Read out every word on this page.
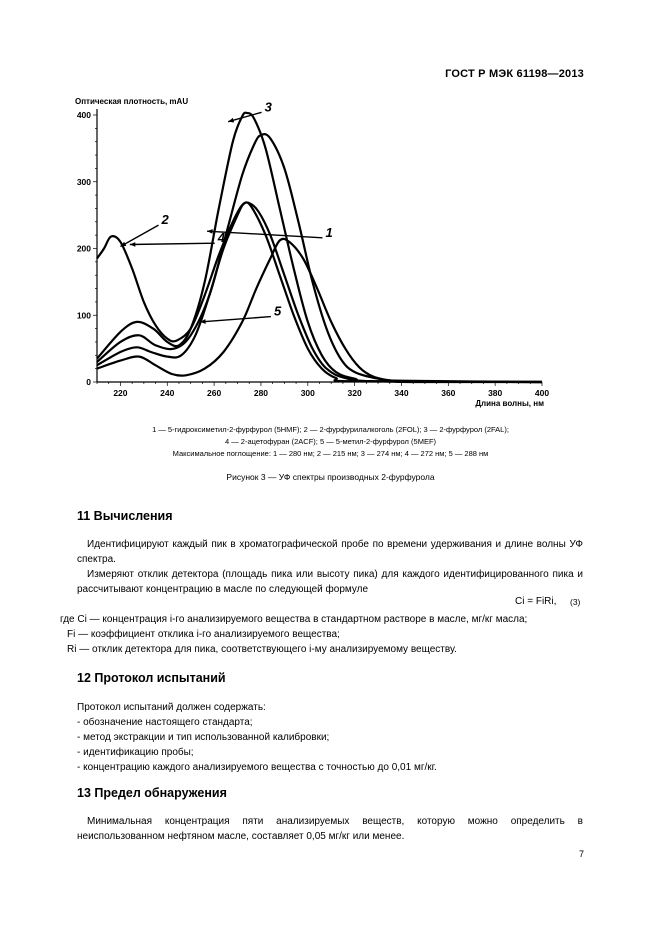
ГОСТ Р МЭК 61198—2013
220	240	260	280	300	320	340	360	380	400
0
100
200
300
400
Оптическая плотность, mAU
Длина волны, нм
1
2
3
4
5
1 — 5-гидроксиметил-2-фурфурол (5HMF); 2 — 2-фурфурилалкоголь (2FOL); 3 — 2-фурфурол (2FAL);
4 — 2-ацетофуран (2ACF); 5 — 5-метил-2-фурфурол (5MEF)
Максимальное поглощение: 1 — 280 нм; 2 — 215 нм; 3 — 274 нм; 4 — 272 нм; 5 — 288 нм
Рисунок 3 — УФ спектры производных 2-фурфурола
11 Вычисления

Идентифицируют каждый пик в хроматографической пробе по времени удерживания и длине волны УФ спектра.

Измеряют отклик детектора (площадь пика или высоту пика) для каждого идентифицированного пика и рассчитывают концентрацию в масле по следующей формуле

Ci = FiRi, (3)
где Ci — концентрация i-го анализируемого вещества в стандартном растворе в масле, мг/кг масла;
Fi — коэффициент отклика i-го анализируемого вещества;
Ri — отклик детектора для пика, соответствующего i-му анализируемому веществу.
12 Протокол испытаний
Протокол испытаний должен содержать:
- обозначение настоящего стандарта;
- метод экстракции и тип использованной калибровки;
- идентификацию пробы;
- концентрацию каждого анализируемого вещества с точностью до 0,01 мг/кг.
13 Предел обнаружения

Минимальная концентрация пяти анализируемых веществ, которую можно определить в неиспользованном нефтяном масле, составляет 0,05 мг/кг или менее.

7
